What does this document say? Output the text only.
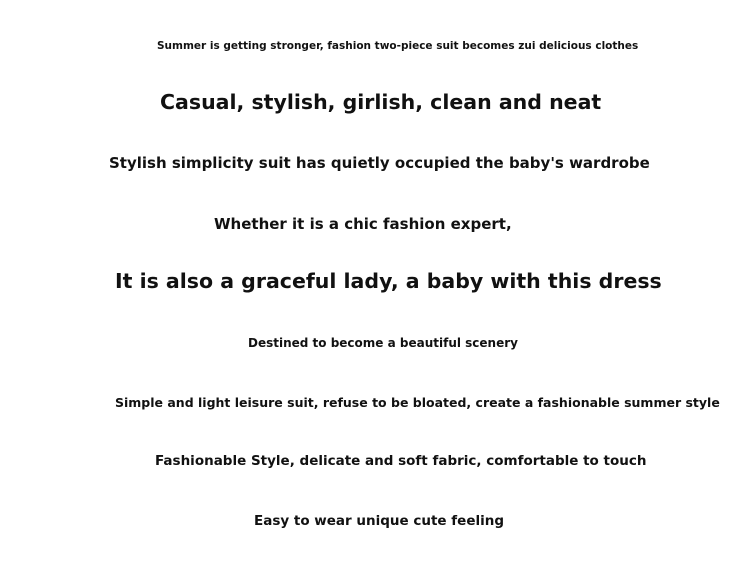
Summer is getting stronger, fashion two-piece suit becomes zui delicious clothes
Casual, stylish, girlish, clean and neat
Stylish simplicity suit has quietly occupied the baby's wardrobe
Whether it is a chic fashion expert,
It is also a graceful lady, a baby with this dress
Destined to become a beautiful scenery
Simple and light leisure suit, refuse to be bloated, create a fashionable summer style
Fashionable Style, delicate and soft fabric, comfortable to touch
Easy to wear unique cute feeling
